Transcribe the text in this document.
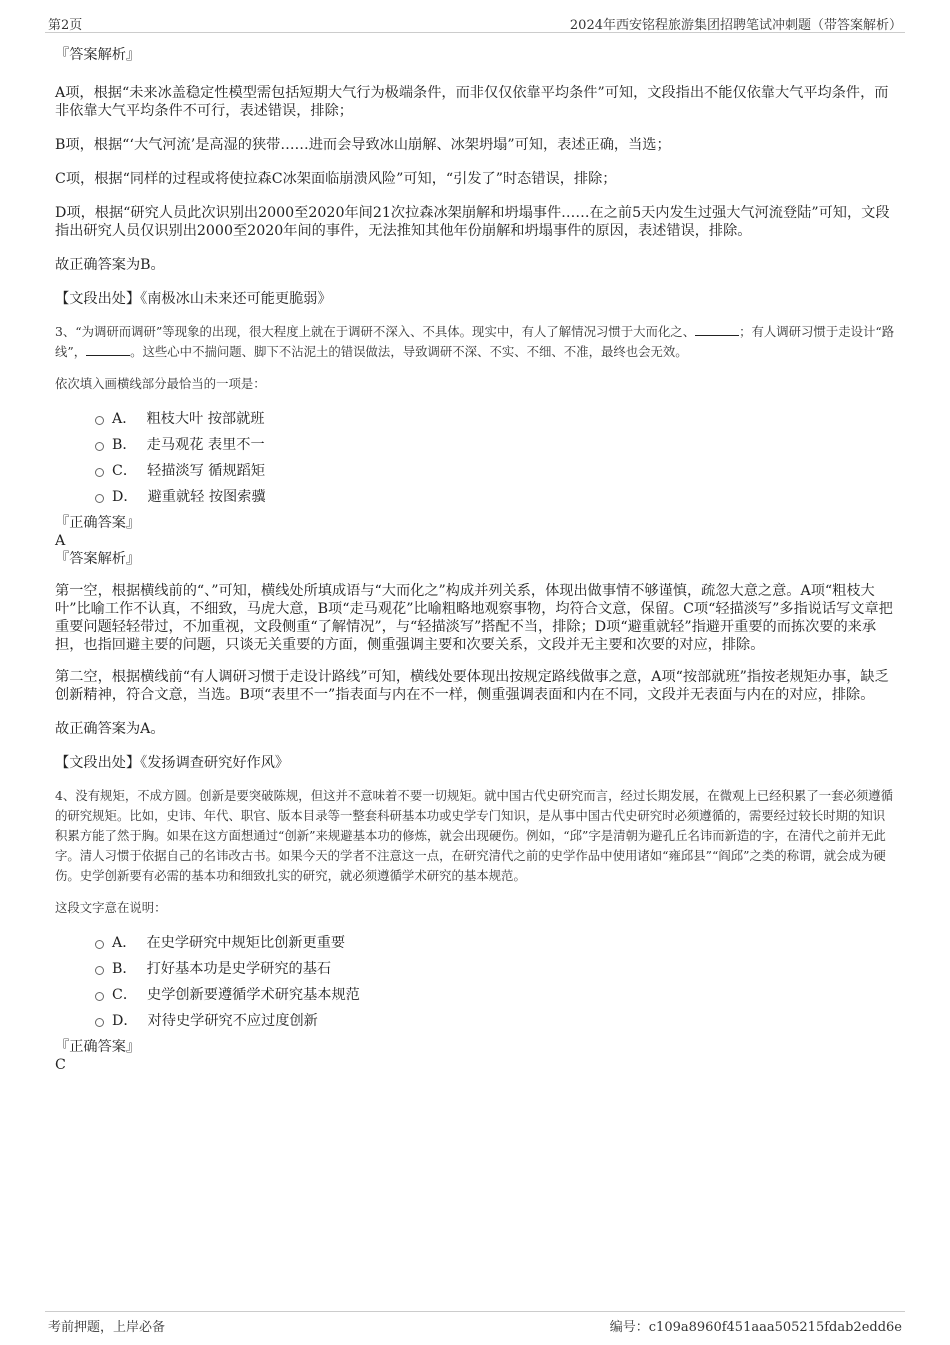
第2页	2024年西安铭程旅游集团招聘笔试冲刺题（带答案解析）

『答案解析』

A项，根据“未来冰盖稳定性模型需包括短期大气行为极端条件，而非仅仅依靠平均条件”可知，文段指出不能仅依靠大气平均条件，而非依靠大气平均条件不可行，表述错误，排除；

B项，根据“‘大气河流’是高湿的狭带……进而会导致冰山崩解、冰架坍塌”可知，表述正确，当选；

C项，根据“同样的过程或将使拉森C冰架面临崩溃风险”可知，“引发了”时态错误，排除；

D项，根据“研究人员此次识别出2000至2020年间21次拉森冰架崩解和坍塌事件……在之前5天内发生过强大气河流登陆”可知，文段指出研究人员仅识别出2000至2020年间的事件，无法推知其他年份崩解和坍塌事件的原因，表述错误，排除。

故正确答案为B。

【文段出处】《南极冰山未来还可能更脆弱》

3、“为调研而调研”等现象的出现，很大程度上就在于调研不深入、不具体。现实中，有人了解情况习惯于大而化之、	；有人调研习惯于走设计“路线”，	。这些心中不揣问题、脚下不沾泥土的错误做法，导致调研不深、不实、不细、不准，最终也会无效。

依次填入画横线部分最恰当的一项是：

A． 粗枝大叶 按部就班
B． 走马观花 表里不一
C． 轻描淡写 循规蹈矩
D． 避重就轻 按图索骥

『正确答案』

A

『答案解析』

第一空，根据横线前的“、”可知，横线处所填成语与“大而化之”构成并列关系，体现出做事情不够谨慎，疏忽大意之意。A项“粗枝大叶”比喻工作不认真，不细致，马虎大意，B项“走马观花”比喻粗略地观察事物，均符合文意，保留。C项“轻描淡写”多指说话写文章把重要问题轻轻带过，不加重视，文段侧重“了解情况”，与“轻描淡写”搭配不当，排除；D项“避重就轻”指避开重要的而拣次要的来承担，也指回避主要的问题，只谈无关重要的方面，侧重强调主要和次要关系，文段并无主要和次要的对应，排除。

第二空，根据横线前“有人调研习惯于走设计路线”可知，横线处要体现出按规定路线做事之意，A项“按部就班”指按老规矩办事，缺乏创新精神，符合文意，当选。B项“表里不一”指表面与内在不一样，侧重强调表面和内在不同，文段并无表面与内在的对应，排除。

故正确答案为A。

【文段出处】《发扬调查研究好作风》

4、没有规矩，不成方圆。创新是要突破陈规，但这并不意味着不要一切规矩。就中国古代史研究而言，经过长期发展，在微观上已经积累了一套必须遵循的研究规矩。比如，史讳、年代、职官、版本目录等一整套科研基本功或史学专门知识，是从事中国古代史研究时必须遵循的，需要经过较长时期的知识积累方能了然于胸。如果在这方面想通过“创新”来规避基本功的修炼，就会出现硬伤。例如，“邱”字是清朝为避孔丘名讳而新造的字，在清代之前并无此字。清人习惯于依据自己的名讳改古书。如果今天的学者不注意这一点，在研究清代之前的史学作品中使用诸如“雍邱县”“阎邱”之类的称谓，就会成为硬伤。史学创新要有必需的基本功和细致扎实的研究，就必须遵循学术研究的基本规范。

这段文字意在说明：

A． 在史学研究中规矩比创新更重要
B． 打好基本功是史学研究的基石
C． 史学创新要遵循学术研究基本规范
D． 对待史学研究不应过度创新

『正确答案』

C

考前押题，上岸必备	编号：c109a8960f451aaa505215fdab2edd6e
